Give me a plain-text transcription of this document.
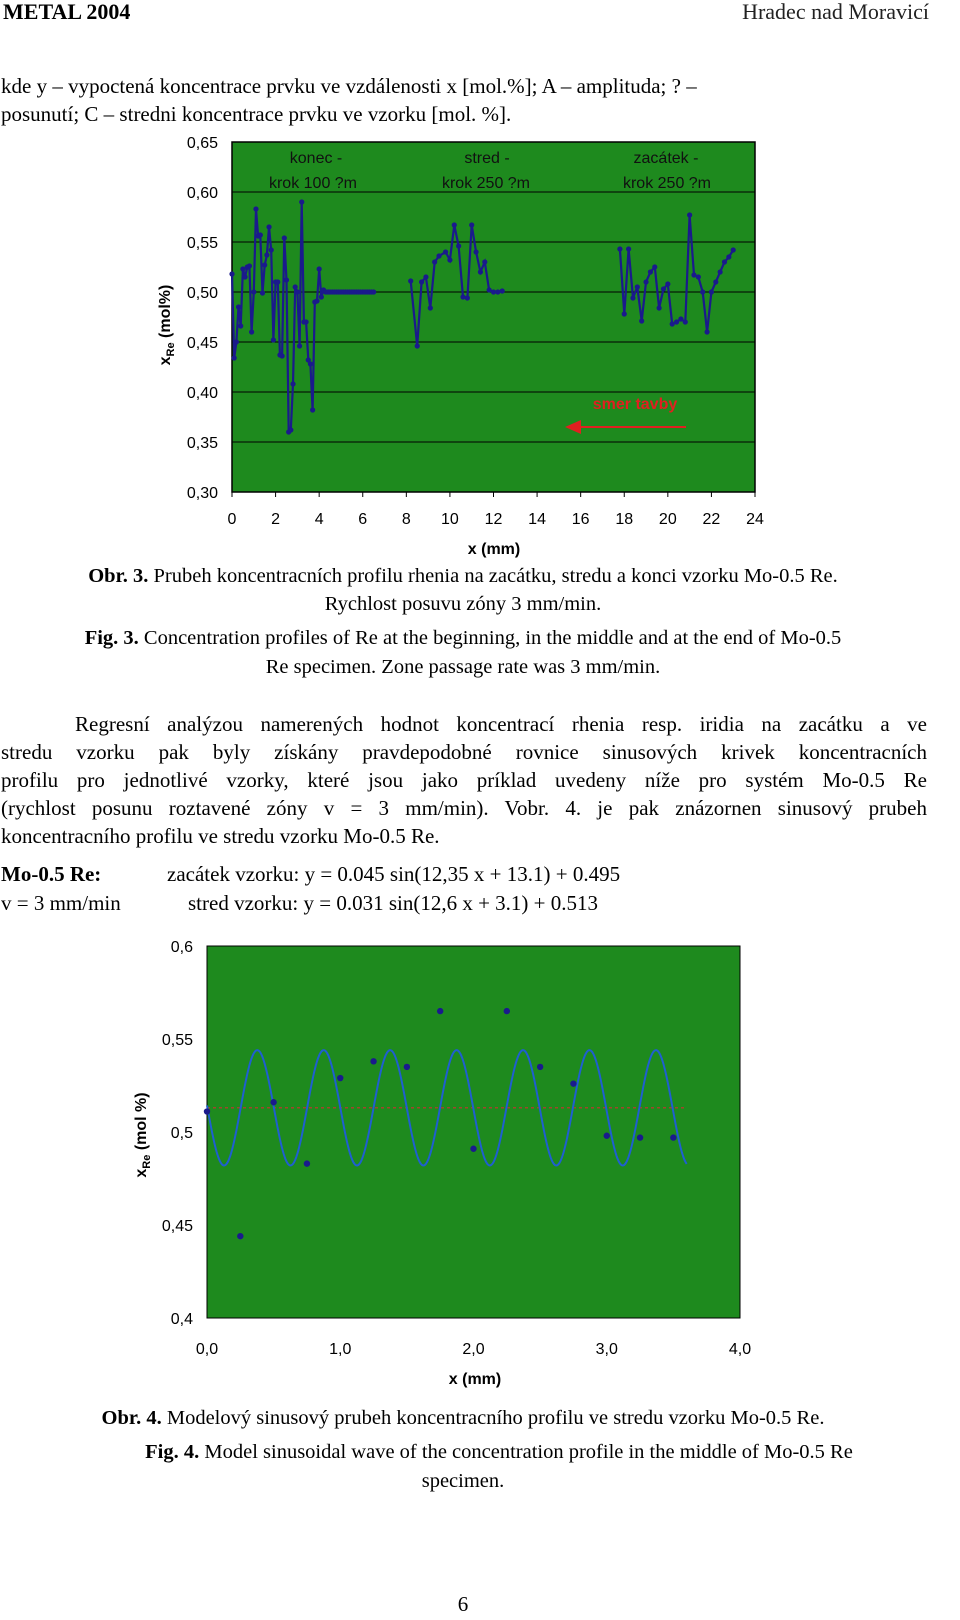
METAL 2004	Hradec nad Moravicí
kde y – vypoctená koncentrace prvku ve vzdálenosti x [mol.%]; A – amplituda; ? –
posunutí; C – stredni koncentrace prvku ve vzorku [mol. %].
0,30
0,35
0,40
0,45
0,50
0,55
0,60
0,65
0 2 4 6 8 10 12 14 16 18 20 22 24
konec -
krok 100 ?m
stred -
krok 250 ?m
zacátek -
krok 250 ?m
smer tavby
x (mm)
$x_{Re}$ (mol%)
Obr. 3. Prubeh koncentracních profilu rhenia na zacátku, stredu a konci vzorku Mo-0.5 Re.
Rychlost posuvu zóny 3 mm/min.
Fig. 3. Concentration profiles of Re at the beginning, in the middle and at the end of Mo-0.5
Re specimen. Zone passage rate was 3 mm/min.
Regresní analýzou namerených hodnot koncentrací rhenia resp. iridia na zacátku a ve
stredu vzorku pak byly získány pravdepodobné rovnice sinusových krivek koncentracních
profilu pro jednotlivé vzorky, které jsou jako príklad uvedeny níže pro systém Mo-0.5 Re
(rychlost posunu roztavené zóny v = 3 mm/min). Vobr. 4. je pak znázornen sinusový prubeh
koncentracního profilu ve stredu vzorku Mo-0.5 Re.
Mo-0.5 Re:	zacátek vzorku: y = 0.045 sin(12,35 x + 13.1) + 0.495
v = 3 mm/min	stred vzorku: y = 0.031 sin(12,6 x + 3.1) + 0.513
0,4
0,45
0,5
0,55
0,6
0,0	1,0	2,0	3,0	4,0
x (mm)
$x_{Re}$ (mol %)
Obr. 4. Modelový sinusový prubeh koncentracního profilu ve stredu vzorku Mo-0.5 Re.
Fig. 4. Model sinusoidal wave of the concentration profile in the middle of Mo-0.5 Re
specimen.
6
